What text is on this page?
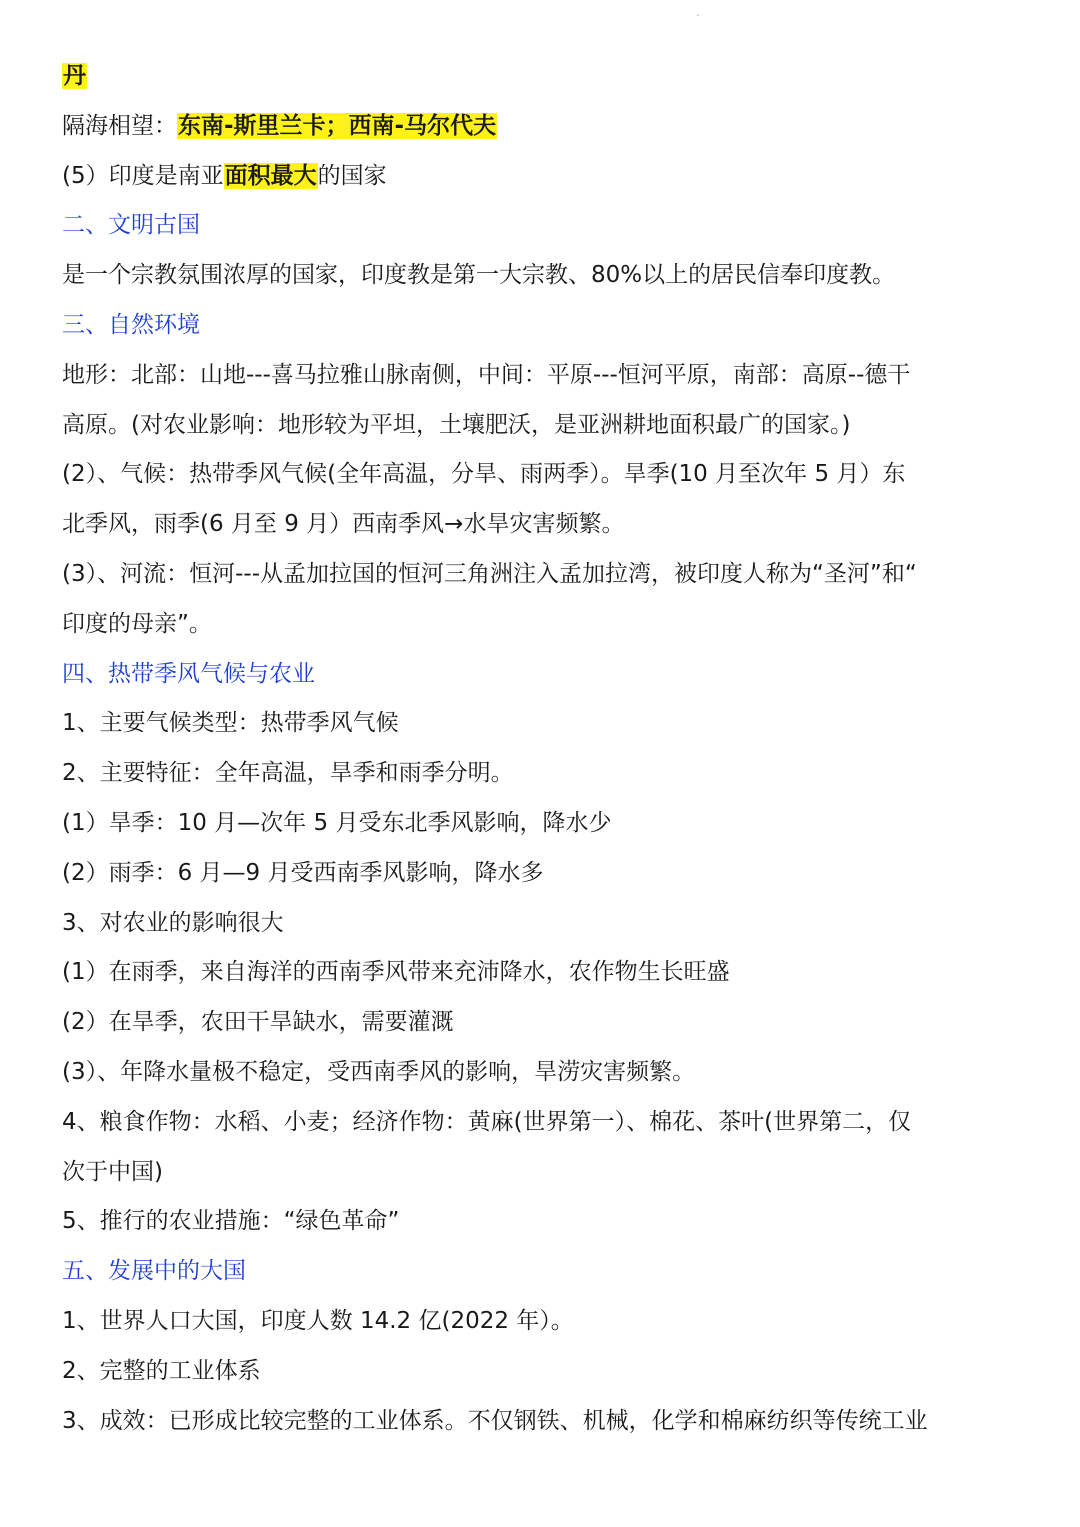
丹
隔海相望：东南-斯里兰卡；西南-马尔代夫
(5）印度是南亚面积最大的国家
二、文明古国
是一个宗教氛围浓厚的国家，印度教是第一大宗教、80%以上的居民信奉印度教。
三、自然环境
地形：北部：山地---喜马拉雅山脉南侧，中间：平原---恒河平原，南部：高原--德干
高原。(对农业影响：地形较为平坦，土壤肥沃，是亚洲耕地面积最广的国家。)
(2）、气候：热带季风气候(全年高温，分旱、雨两季）。旱季(10 月至次年 5 月）东
北季风，雨季(6 月至 9 月）西南季风→水旱灾害频繁。
(3）、河流：恒河---从孟加拉国的恒河三角洲注入孟加拉湾，被印度人称为“圣河”和“
印度的母亲”。
四、热带季风气候与农业
1、主要气候类型：热带季风气候
2、主要特征：全年高温，旱季和雨季分明。
(1）旱季：10 月—次年 5 月受东北季风影响，降水少
(2）雨季：6 月—9 月受西南季风影响，降水多
3、对农业的影响很大
(1）在雨季，来自海洋的西南季风带来充沛降水，农作物生长旺盛
(2）在旱季，农田干旱缺水，需要灌溉
(3）、年降水量极不稳定，受西南季风的影响，旱涝灾害频繁。
4、粮食作物：水稻、小麦；经济作物：黄麻(世界第一）、棉花、茶叶(世界第二，仅
次于中国)
5、推行的农业措施：“绿色革命”
五、发展中的大国
1、世界人口大国，印度人数 14.2 亿(2022 年）。
2、完整的工业体系
3、成效：已形成比较完整的工业体系。不仅钢铁、机械，化学和棉麻纺织等传统工业
